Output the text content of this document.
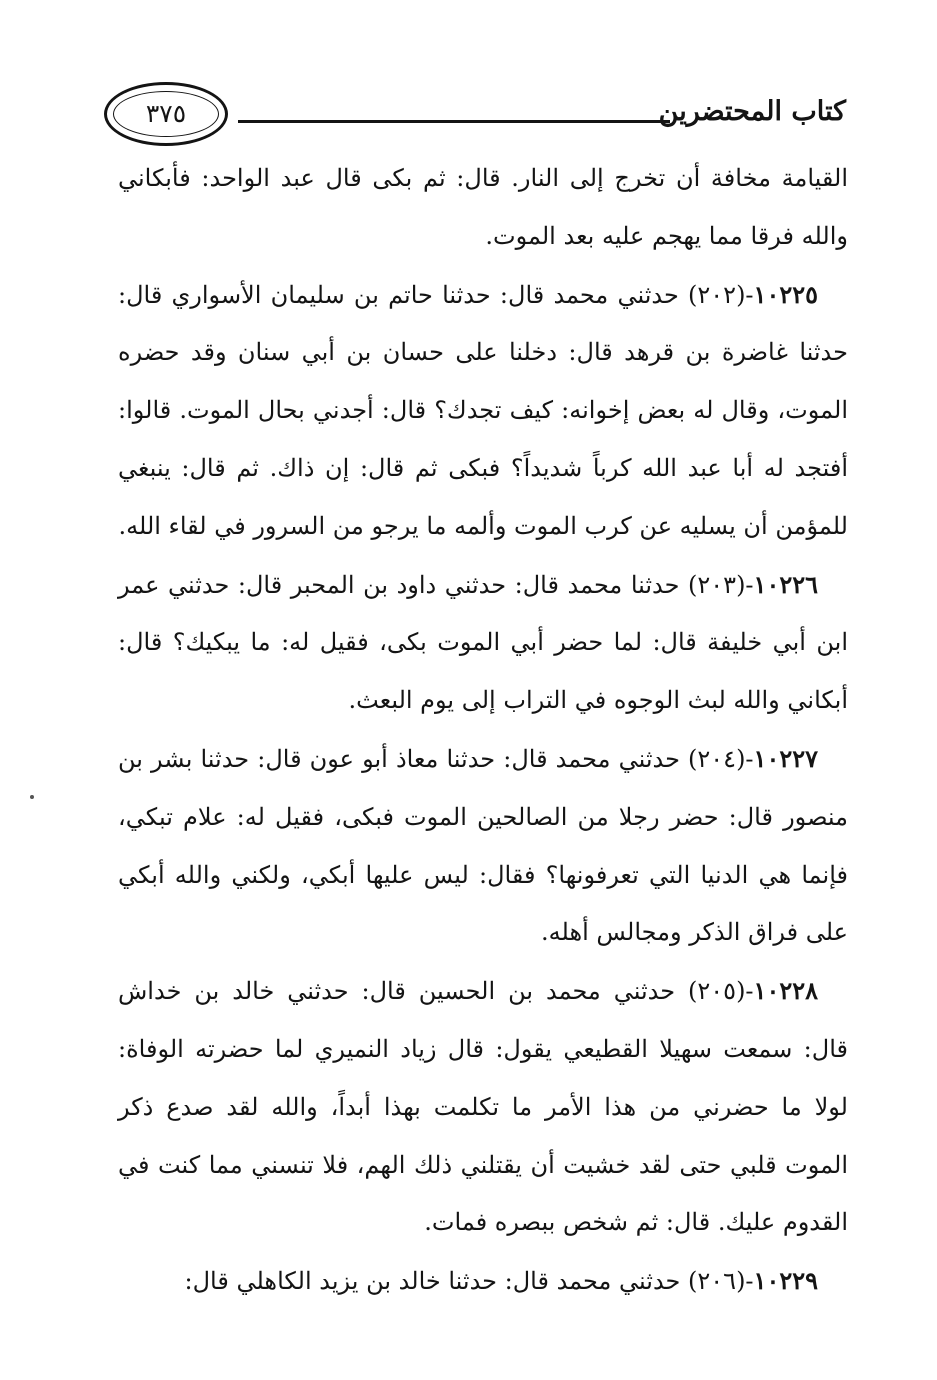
٣٧٥	كتاب المحتضرين

القيامة مخافة أن تخرج إلى النار. قال: ثم بكى قال عبد الواحد: فأبكاني والله فرقا مما يهجم عليه بعد الموت.

١٠٢٢٥-(٢٠٢) حدثني محمد قال: حدثنا حاتم بن سليمان الأسواري قال: حدثنا غاضرة بن قرهد قال: دخلنا على حسان بن أبي سنان وقد حضره الموت، وقال له بعض إخوانه: كيف تجدك؟ قال: أجدني بحال الموت. قالوا: أفتجد له أبا عبد الله كرباً شديداً؟ فبكى ثم قال: إن ذاك. ثم قال: ينبغي للمؤمن أن يسليه عن كرب الموت وألمه ما يرجو من السرور في لقاء الله.

١٠٢٢٦-(٢٠٣) حدثنا محمد قال: حدثني داود بن المحبر قال: حدثني عمر ابن أبي خليفة قال: لما حضر أبي الموت بكى، فقيل له: ما يبكيك؟ قال: أبكاني والله لبث الوجوه في التراب إلى يوم البعث.

١٠٢٢٧-(٢٠٤) حدثني محمد قال: حدثنا معاذ أبو عون قال: حدثنا بشر بن منصور قال: حضر رجلا من الصالحين الموت فبكى، فقيل له: علام تبكي، فإنما هي الدنيا التي تعرفونها؟ فقال: ليس عليها أبكي، ولكني والله أبكي على فراق الذكر ومجالس أهله.

١٠٢٢٨-(٢٠٥) حدثني محمد بن الحسين قال: حدثني خالد بن خداش قال: سمعت سهيلا القطيعي يقول: قال زياد النميري لما حضرته الوفاة: لولا ما حضرني من هذا الأمر ما تكلمت بهذا أبداً، والله لقد صدع ذكر الموت قلبي حتى لقد خشيت أن يقتلني ذلك الهم، فلا تنسني مما كنت في القدوم عليك. قال: ثم شخص ببصره فمات.

١٠٢٢٩-(٢٠٦) حدثني محمد قال: حدثنا خالد بن يزيد الكاهلي قال:
